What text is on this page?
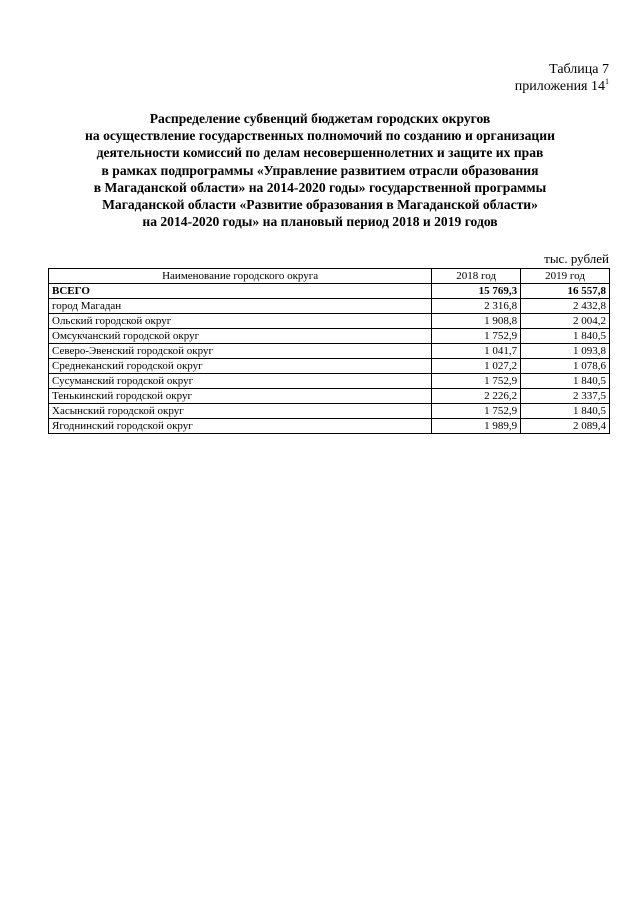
Таблица 7
приложения $14^1$
Распределение субвенций бюджетам городских округов
на осуществление государственных полномочий по созданию и организации
деятельности комиссий по делам несовершеннолетних и защите их прав
в рамках подпрограммы «Управление развитием отрасли образования
в Магаданской области» на 2014-2020 годы» государственной программы
Магаданской области «Развитие образования в Магаданской области»
на 2014-2020 годы» на плановый период 2018 и 2019 годов
тыс. рублей
Наименование городского округа	2018 год	2019 год
ВСЕГО	15 769,3	16 557,8
город Магадан	2 316,8	2 432,8
Ольский городской округ	1 908,8	2 004,2
Омсукчанский городской округ	1 752,9	1 840,5
Северо-Эвенский городской округ	1 041,7	1 093,8
Среднеканский городской округ	1 027,2	1 078,6
Сусуманский городской округ	1 752,9	1 840,5
Тенькинский городской округ	2 226,2	2 337,5
Хасынский городской округ	1 752,9	1 840,5
Ягоднинский городской округ	1 989,9	2 089,4
